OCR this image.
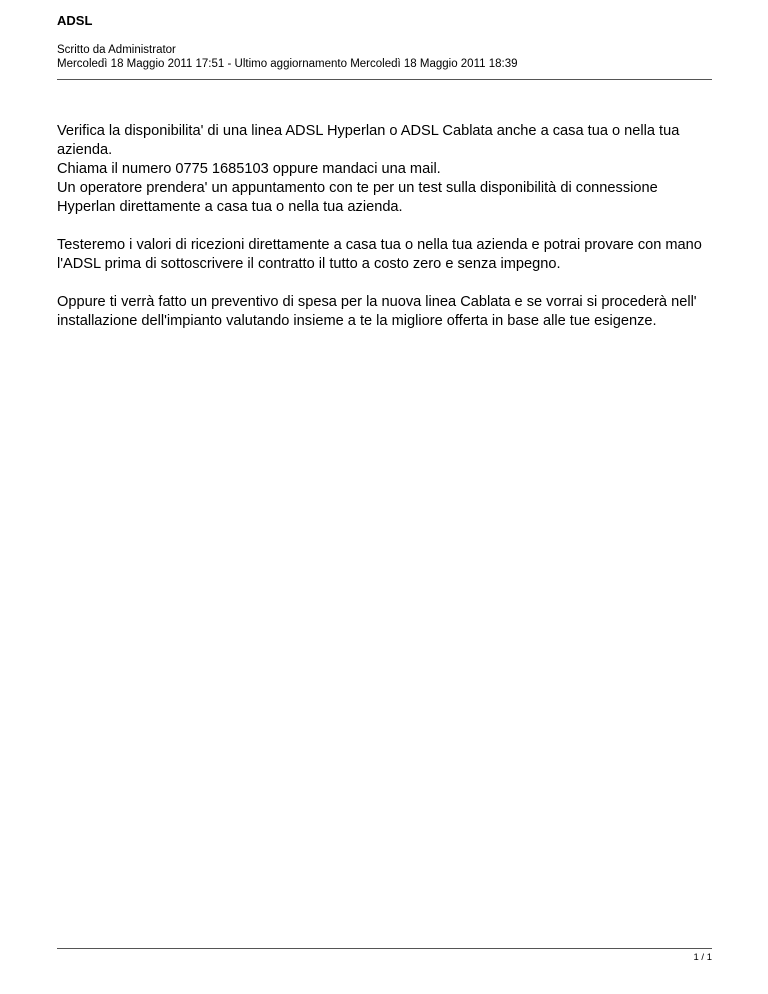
ADSL
Scritto da Administrator
Mercoledì 18 Maggio 2011 17:51 - Ultimo aggiornamento Mercoledì 18 Maggio 2011 18:39

Verifica la disponibilita' di una linea ADSL Hyperlan o ADSL Cablata anche a casa tua o nella tua azienda.
Chiama il numero 0775 1685103 oppure mandaci una mail.
Un operatore prendera' un appuntamento con te per un test sulla disponibilità di connessione Hyperlan direttamente a casa tua o nella tua azienda.

Testeremo i valori di ricezioni direttamente a casa tua o nella tua azienda e potrai provare con mano l'ADSL prima di sottoscrivere il contratto il tutto a costo zero e senza impegno.

Oppure ti verrà fatto un preventivo di spesa per la nuova linea Cablata e se vorrai si procederà nell' installazione dell'impianto valutando insieme a te la migliore offerta in base alle tue esigenze.

1 / 1
